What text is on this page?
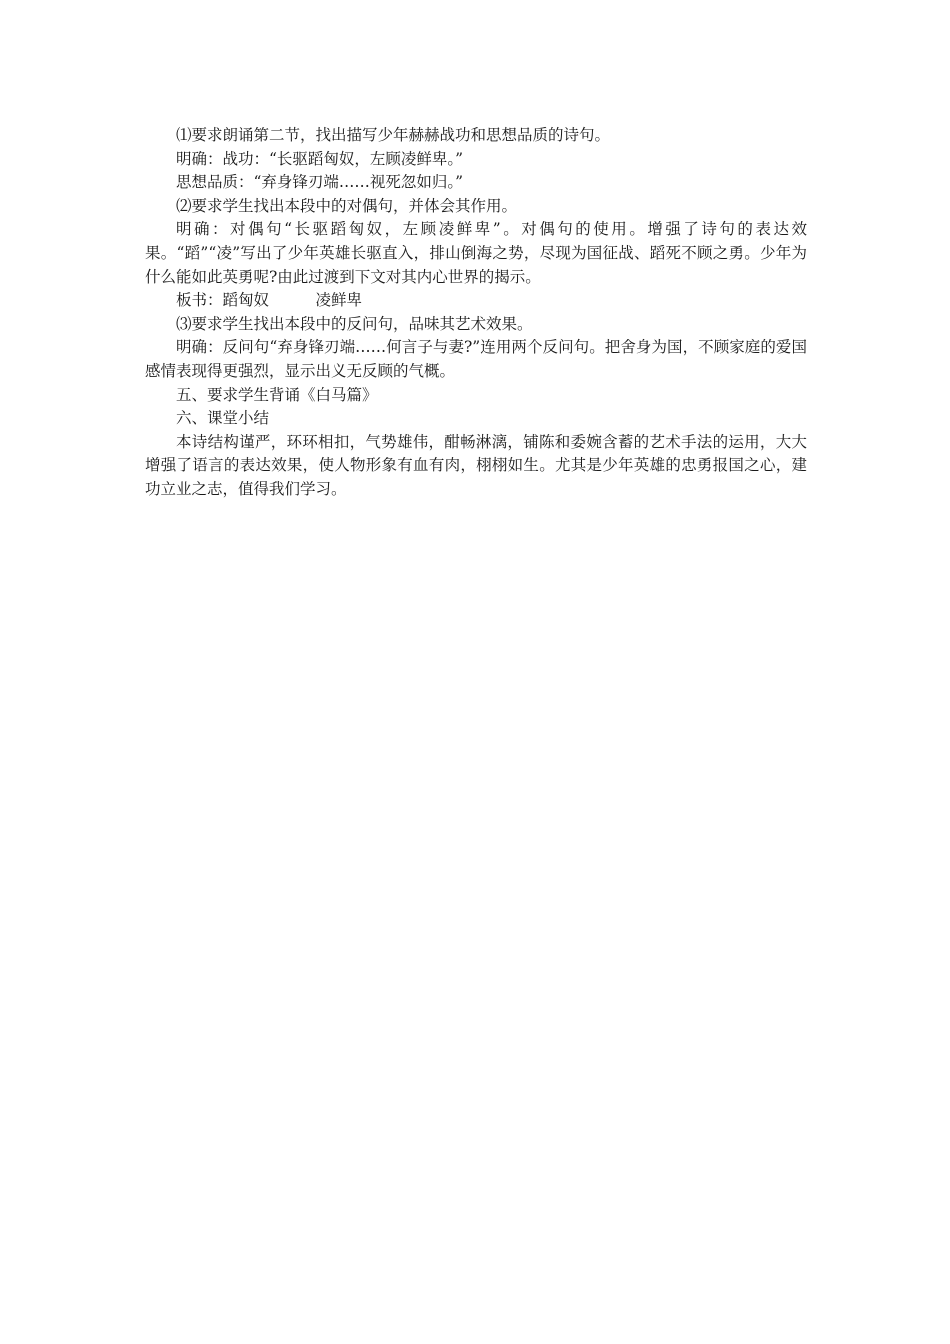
⑴要求朗诵第二节，找出描写少年赫赫战功和思想品质的诗句。

明确：战功：“长驱蹈匈奴，左顾凌鲜卑。”

思想品质：“弃身锋刃端……视死忽如归。”

⑵要求学生找出本段中的对偶句，并体会其作用。

明确：对偶句“长驱蹈匈奴，左顾凌鲜卑”。对偶句的使用。增强了诗句的表达效果。“蹈”“凌”写出了少年英雄长驱直入，排山倒海之势，尽现为国征战、蹈死不顾之勇。少年为什么能如此英勇呢?由此过渡到下文对其内心世界的揭示。

板书：蹈匈奴	凌鲜卑

⑶要求学生找出本段中的反问句，品味其艺术效果。

明确：反问句“弃身锋刃端……何言子与妻?”连用两个反问句。把舍身为国，不顾家庭的爱国感情表现得更强烈，显示出义无反顾的气概。

五、要求学生背诵《白马篇》

六、课堂小结

本诗结构谨严，环环相扣，气势雄伟，酣畅淋漓，铺陈和委婉含蓄的艺术手法的运用，大大增强了语言的表达效果，使人物形象有血有肉，栩栩如生。尤其是少年英雄的忠勇报国之心，建功立业之志，值得我们学习。
